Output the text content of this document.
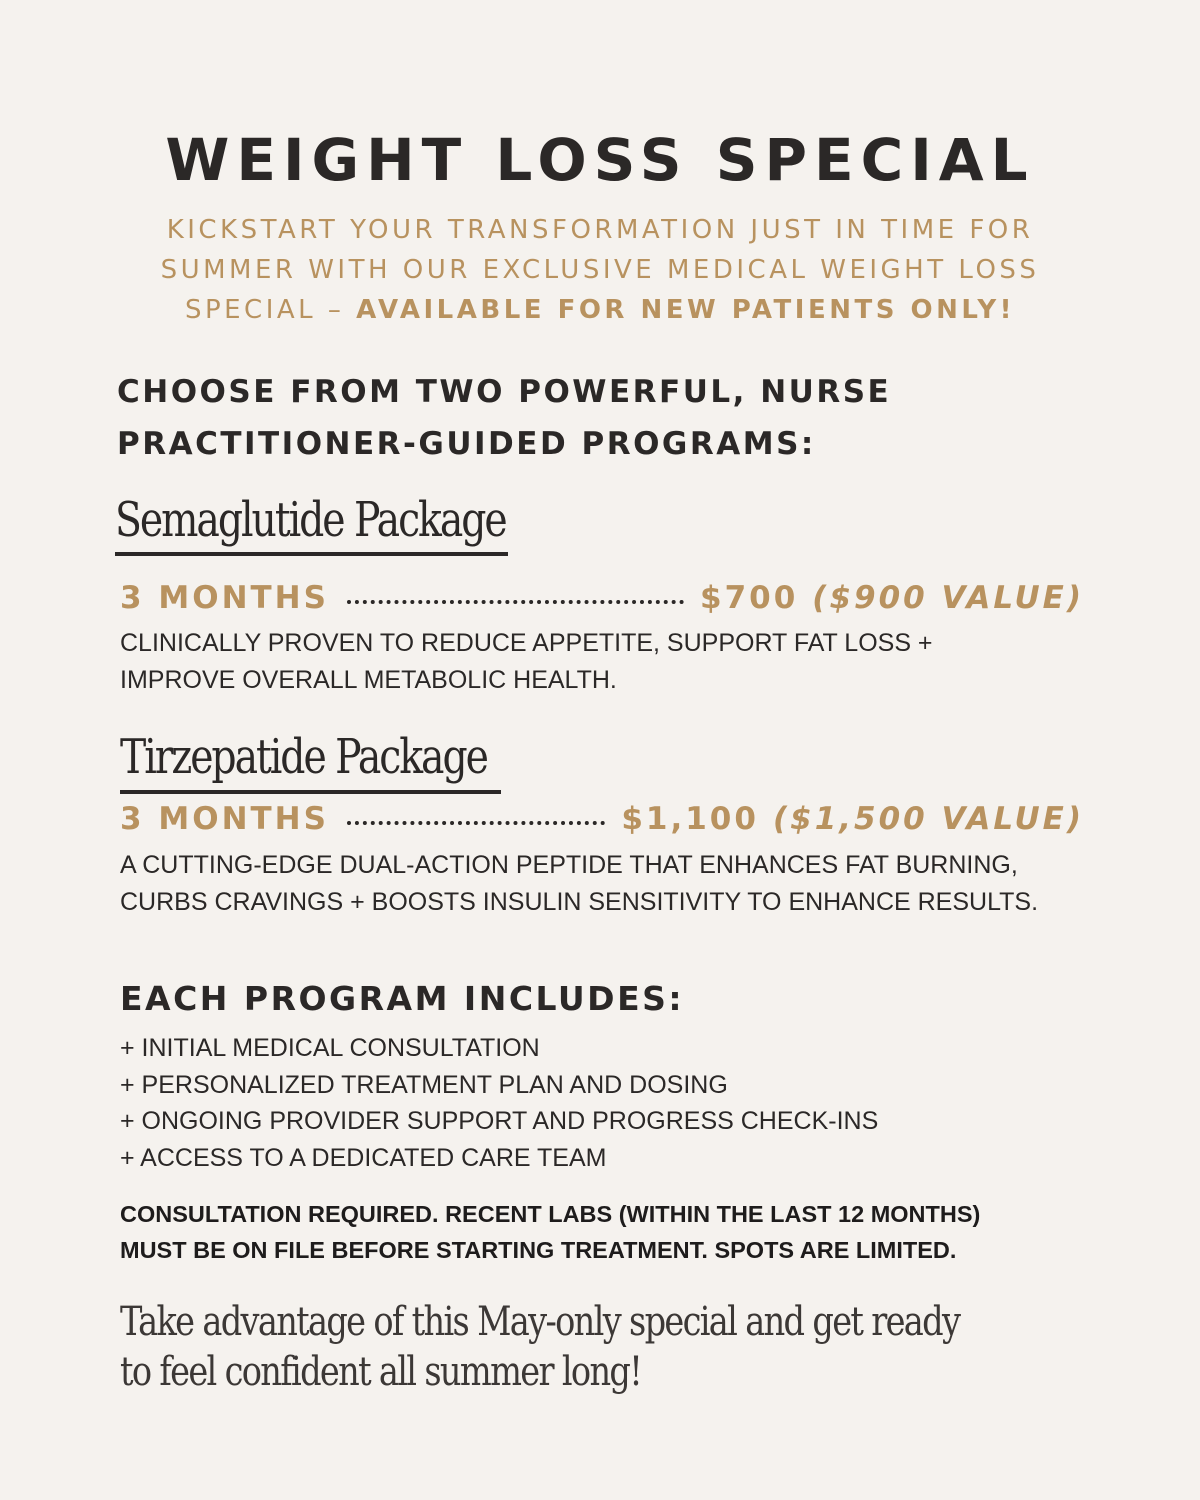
WEIGHT LOSS SPECIAL
KICKSTART YOUR TRANSFORMATION JUST IN TIME FOR
SUMMER WITH OUR EXCLUSIVE MEDICAL WEIGHT LOSS
SPECIAL – AVAILABLE FOR NEW PATIENTS ONLY!
CHOOSE FROM TWO POWERFUL, NURSE
PRACTITIONER-GUIDED PROGRAMS:
Semaglutide Package
3 MONTHS	$700 ($900 VALUE)
CLINICALLY PROVEN TO REDUCE APPETITE, SUPPORT FAT LOSS +
IMPROVE OVERALL METABOLIC HEALTH.
Tirzepatide Package
3 MONTHS	$1,100 ($1,500 VALUE)
A CUTTING-EDGE DUAL-ACTION PEPTIDE THAT ENHANCES FAT BURNING,
CURBS CRAVINGS + BOOSTS INSULIN SENSITIVITY TO ENHANCE RESULTS.
EACH PROGRAM INCLUDES:
+ INITIAL MEDICAL CONSULTATION
+ PERSONALIZED TREATMENT PLAN AND DOSING
+ ONGOING PROVIDER SUPPORT AND PROGRESS CHECK-INS
+ ACCESS TO A DEDICATED CARE TEAM
CONSULTATION REQUIRED. RECENT LABS (WITHIN THE LAST 12 MONTHS)
MUST BE ON FILE BEFORE STARTING TREATMENT. SPOTS ARE LIMITED.
Take advantage of this May-only special and get ready
to feel confident all summer long!
